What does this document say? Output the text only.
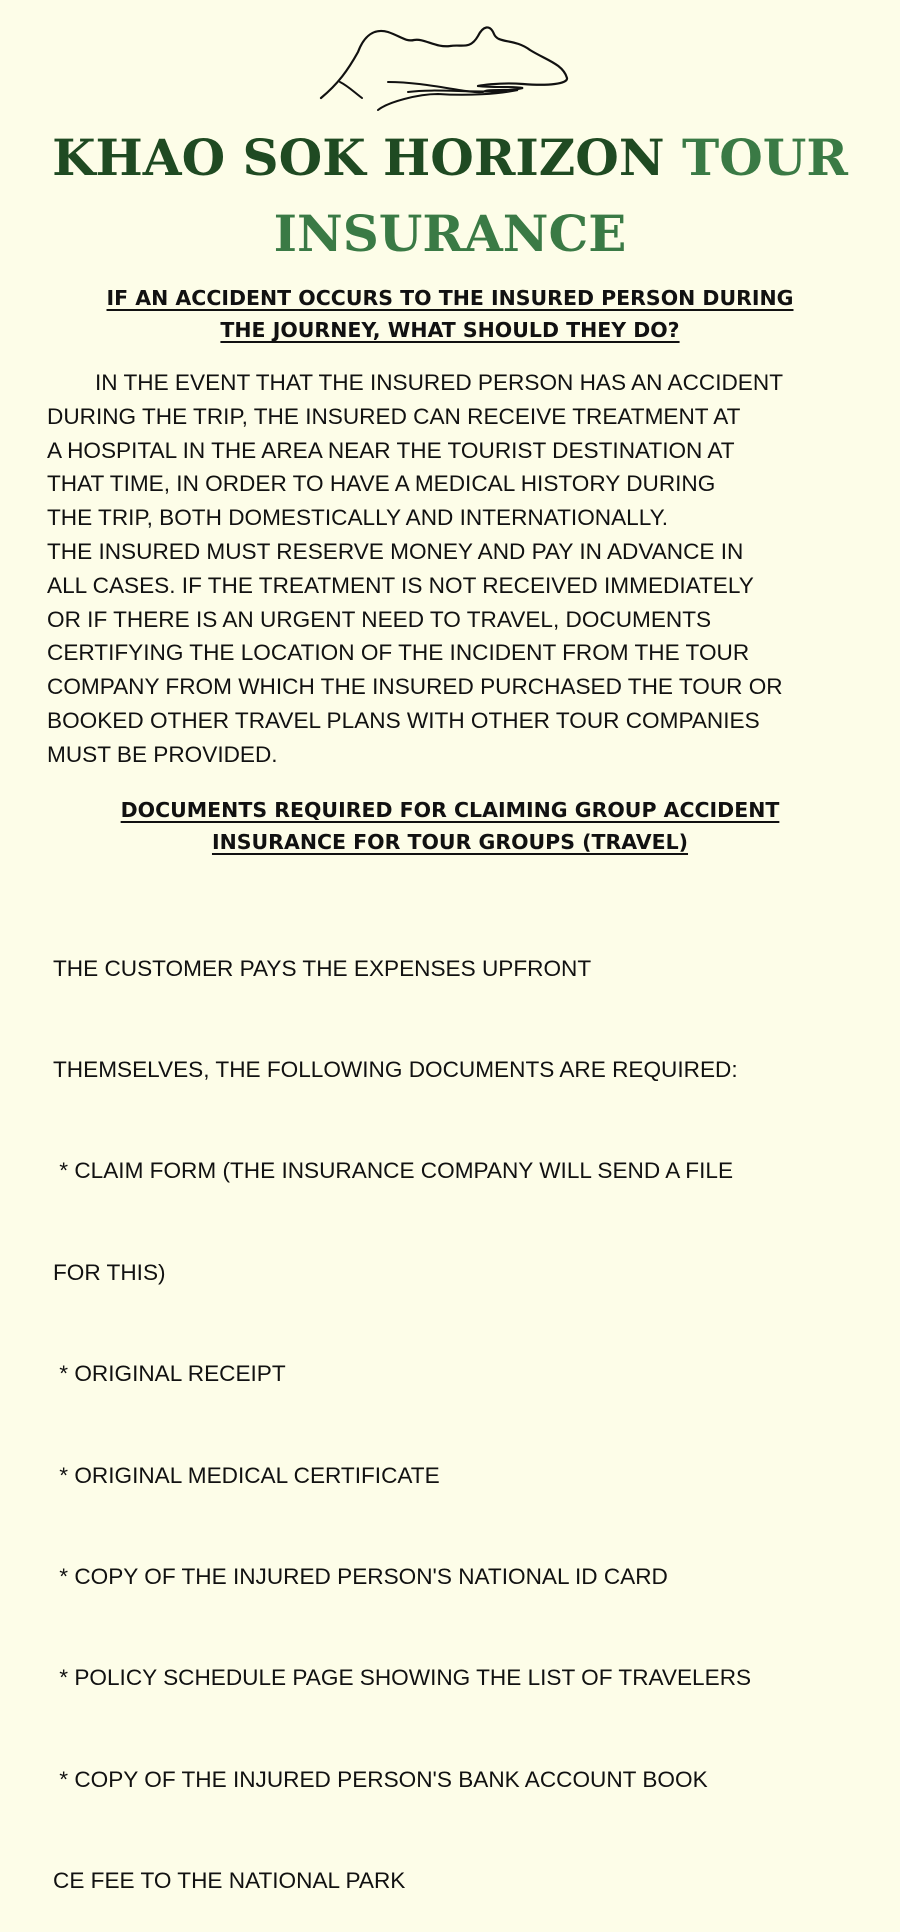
KHAO SOK HORIZON TOUR
INSURANCE
IF AN ACCIDENT OCCURS TO THE INSURED PERSON DURING
THE JOURNEY, WHAT SHOULD THEY DO?
IN THE EVENT THAT THE INSURED PERSON HAS AN ACCIDENT
DURING THE TRIP, THE INSURED CAN RECEIVE TREATMENT AT
A HOSPITAL IN THE AREA NEAR THE TOURIST DESTINATION AT
THAT TIME, IN ORDER TO HAVE A MEDICAL HISTORY DURING
THE TRIP, BOTH DOMESTICALLY AND INTERNATIONALLY.
THE INSURED MUST RESERVE MONEY AND PAY IN ADVANCE IN
ALL CASES. IF THE TREATMENT IS NOT RECEIVED IMMEDIATELY
OR IF THERE IS AN URGENT NEED TO TRAVEL, DOCUMENTS
CERTIFYING THE LOCATION OF THE INCIDENT FROM THE TOUR
COMPANY FROM WHICH THE INSURED PURCHASED THE TOUR OR
BOOKED OTHER TRAVEL PLANS WITH OTHER TOUR COMPANIES
MUST BE PROVIDED.
DOCUMENTS REQUIRED FOR CLAIMING GROUP ACCIDENT
INSURANCE FOR TOUR GROUPS (TRAVEL)

THE CUSTOMER PAYS THE EXPENSES UPFRONT

THEMSELVES, THE FOLLOWING DOCUMENTS ARE REQUIRED:

* CLAIM FORM (THE INSURANCE COMPANY WILL SEND A FILE

FOR THIS)

* ORIGINAL RECEIPT

* ORIGINAL MEDICAL CERTIFICATE

* COPY OF THE INJURED PERSON'S NATIONAL ID CARD

* POLICY SCHEDULE PAGE SHOWING THE LIST OF TRAVELERS

* COPY OF THE INJURED PERSON'S BANK ACCOUNT BOOK

CE FEE TO THE NATIONAL PARK
